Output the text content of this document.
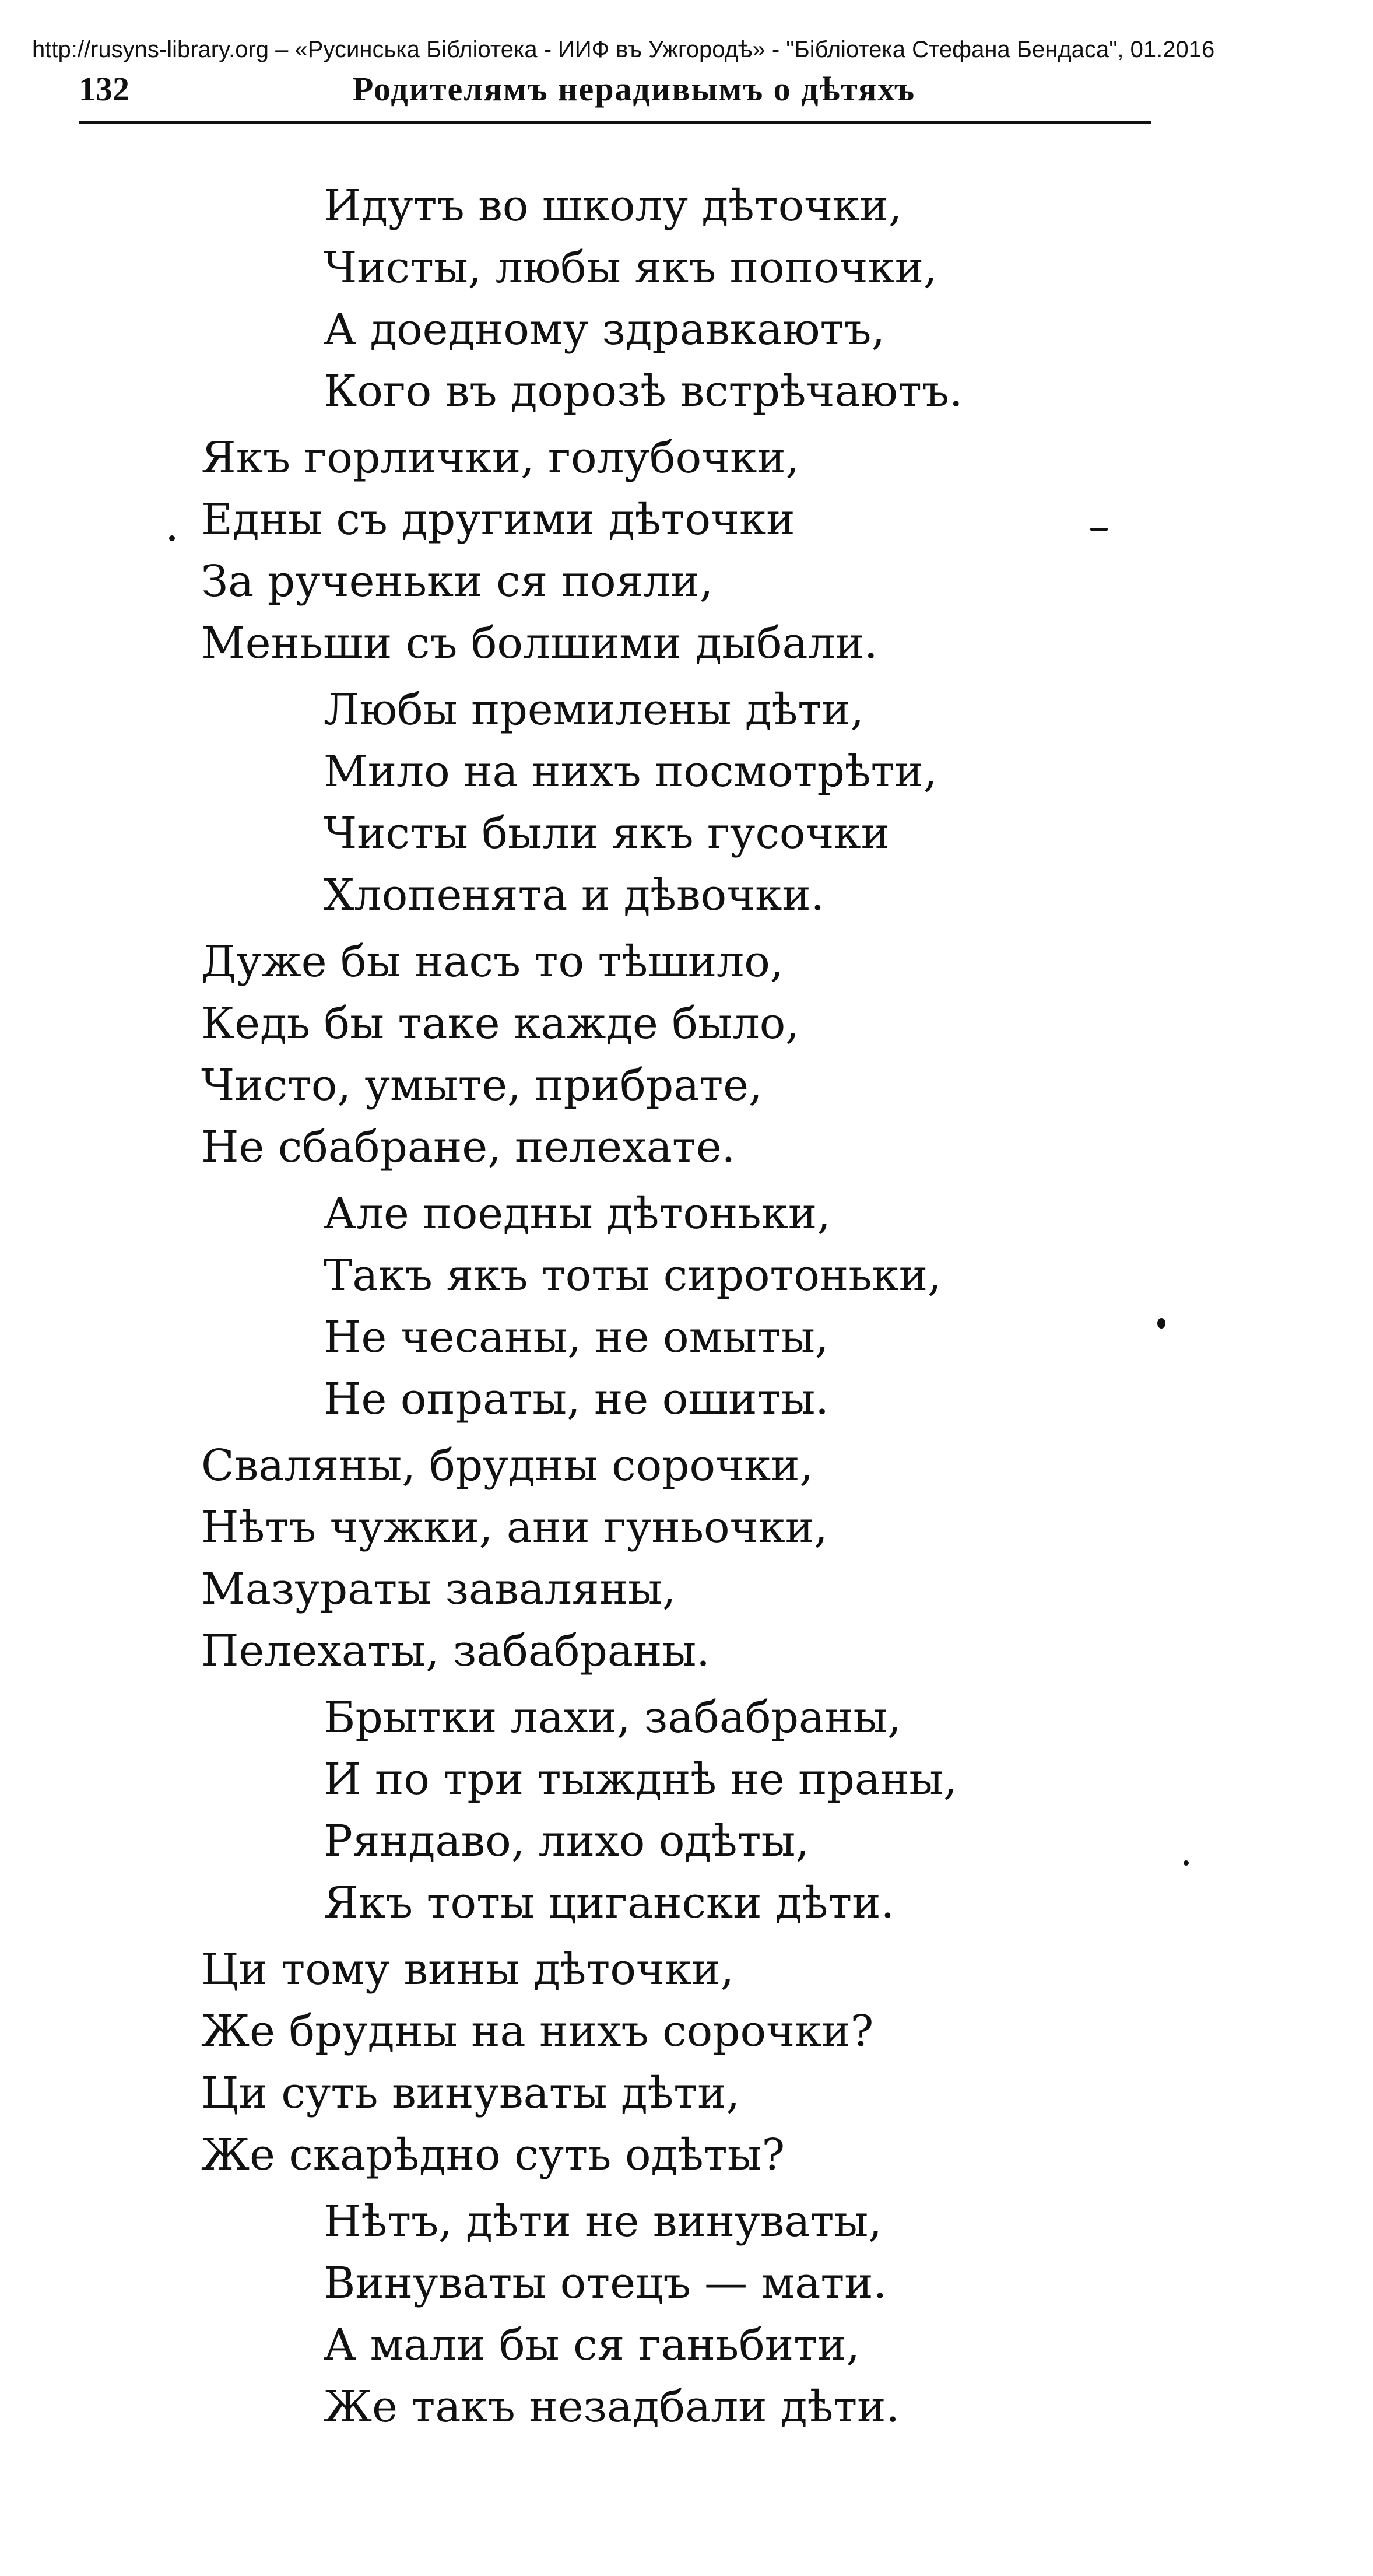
http://rusyns-library.org – «Русинська Бібліотека - ИИФ въ Ужгородѣ» - "Бібліотека Стефана Бендаса", 01.2016
132	Родителямъ нерадивымъ о дѣтяхъ
Идутъ во школу дѣточки,
Чисты, любы якъ попочки,
А доедному здравкаютъ,
Кого въ дорозѣ встрѣчаютъ.
Якъ горлички, голубочки,
Едны съ другими дѣточки
За рученьки ся пояли,
Меньши съ болшими дыбали.
Любы премилены дѣти,
Мило на нихъ посмотрѣти,
Чисты были якъ гусочки
Хлопенята и дѣвочки.
Дуже бы насъ то тѣшило,
Кедь бы таке кажде было,
Чисто, умыте, прибрате,
Не сбабране, пелехате.
Але поедны дѣтоньки,
Такъ якъ тоты сиротоньки,
Не чесаны, не омыты,
Не опраты, не ошиты.
Сваляны, брудны сорочки,
Нѣтъ чужки, ани гуньочки,
Мазураты заваляны,
Пелехаты, забабраны.
Брытки лахи, забабраны,
И по три тыжднѣ не праны,
Ряндаво, лихо одѣты,
Якъ тоты цигански дѣти.
Ци тому вины дѣточки,
Же брудны на нихъ сорочки?
Ци суть винуваты дѣти,
Же скарѣдно суть одѣты?
Нѣтъ, дѣти не винуваты,
Винуваты отецъ — мати.
А мали бы ся ганьбити,
Же такъ незадбали дѣти.
